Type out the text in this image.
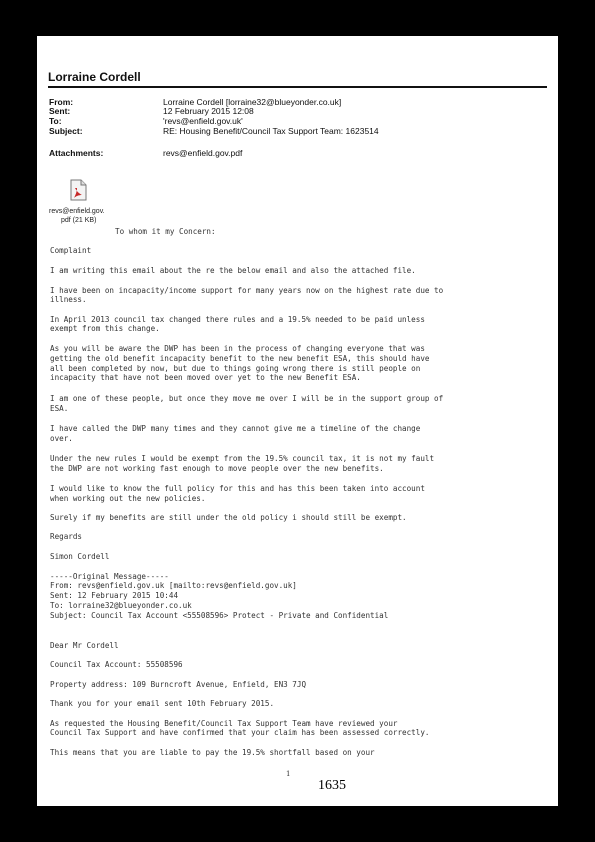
Lorraine Cordell
From:	Lorraine Cordell [lorraine32@blueyonder.co.uk]
Sent:	12 February 2015 12:08
To:	'revs@enfield.gov.uk'
Subject:	RE: Housing Benefit/Council Tax Support Team: 1623514
Attachments:	revs@enfield.gov.pdf
revs@enfield.gov.
pdf (21 KB)
To whom it my Concern:
Complaint
I am writing this email about the re the below email and also the attached file.
I have been on incapacity/income support for many years now on the highest rate due to
illness.
In April 2013 council tax changed there rules and a 19.5% needed to be paid unless
exempt from this change.
As you will be aware the DWP has been in the process of changing everyone that was
getting the old benefit incapacity benefit to the new benefit ESA, this should have
all been completed by now, but due to things going wrong there is still people on
incapacity that have not been moved over yet to the new Benefit ESA.
I am one of these people, but once they move me over I will be in the support group of
ESA.
I have called the DWP many times and they cannot give me a timeline of the change
over.
Under the new rules I would be exempt from the 19.5% council tax, it is not my fault
the DWP are not working fast enough to move people over the new benefits.
I would like to know the full policy for this and has this been taken into account
when working out the new policies.
Surely if my benefits are still under the old policy i should still be exempt.
Regards
Simon Cordell
-----Original Message-----
From: revs@enfield.gov.uk [mailto:revs@enfield.gov.uk]
Sent: 12 February 2015 10:44
To: lorraine32@blueyonder.co.uk
Subject: Council Tax Account <55508596> Protect - Private and Confidential
Dear Mr Cordell
Council Tax Account: 55508596
Property address: 109 Burncroft Avenue, Enfield, EN3 7JQ
Thank you for your email sent 10th February 2015.
As requested the Housing Benefit/Council Tax Support Team have reviewed your
Council Tax Support and have confirmed that your claim has been assessed correctly.
This means that you are liable to pay the 19.5% shortfall based on your
1
1635
